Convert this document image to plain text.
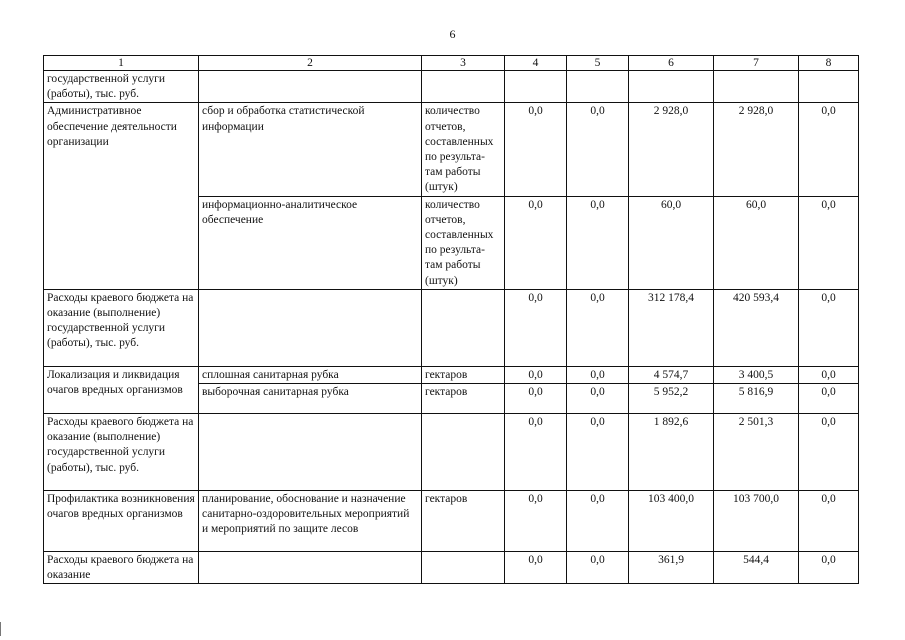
6
1	2	3	4	5	6	7	8
государственной услуги (работы), тыс. руб.							
Административное обеспечение деятельности организации	сбор и обработка статистической информации	количество отчетов, составленных по результа-там работы (штук)	0,0	0,0	2 928,0	2 928,0	0,0
	информационно-аналитическое обеспечение	количество отчетов, составленных по результа-там работы (штук)	0,0	0,0	60,0	60,0	0,0
Расходы краевого бюджета на оказание (выполнение) государственной услуги (работы), тыс. руб.			0,0	0,0	312 178,4	420 593,4	0,0
Локализация и ликвидация очагов вредных организмов	сплошная санитарная рубка	гектаров	0,0	0,0	4 574,7	3 400,5	0,0
	выборочная санитарная рубка	гектаров	0,0	0,0	5 952,2	5 816,9	0,0
Расходы краевого бюджета на оказание (выполнение) государственной услуги (работы), тыс. руб.			0,0	0,0	1 892,6	2 501,3	0,0
Профилактика возникновения очагов вредных организмов	планирование, обоснование и назначение санитарно-оздоровительных мероприятий и мероприятий по защите лесов	гектаров	0,0	0,0	103 400,0	103 700,0	0,0
Расходы краевого бюджета на оказание			0,0	0,0	361,9	544,4	0,0
